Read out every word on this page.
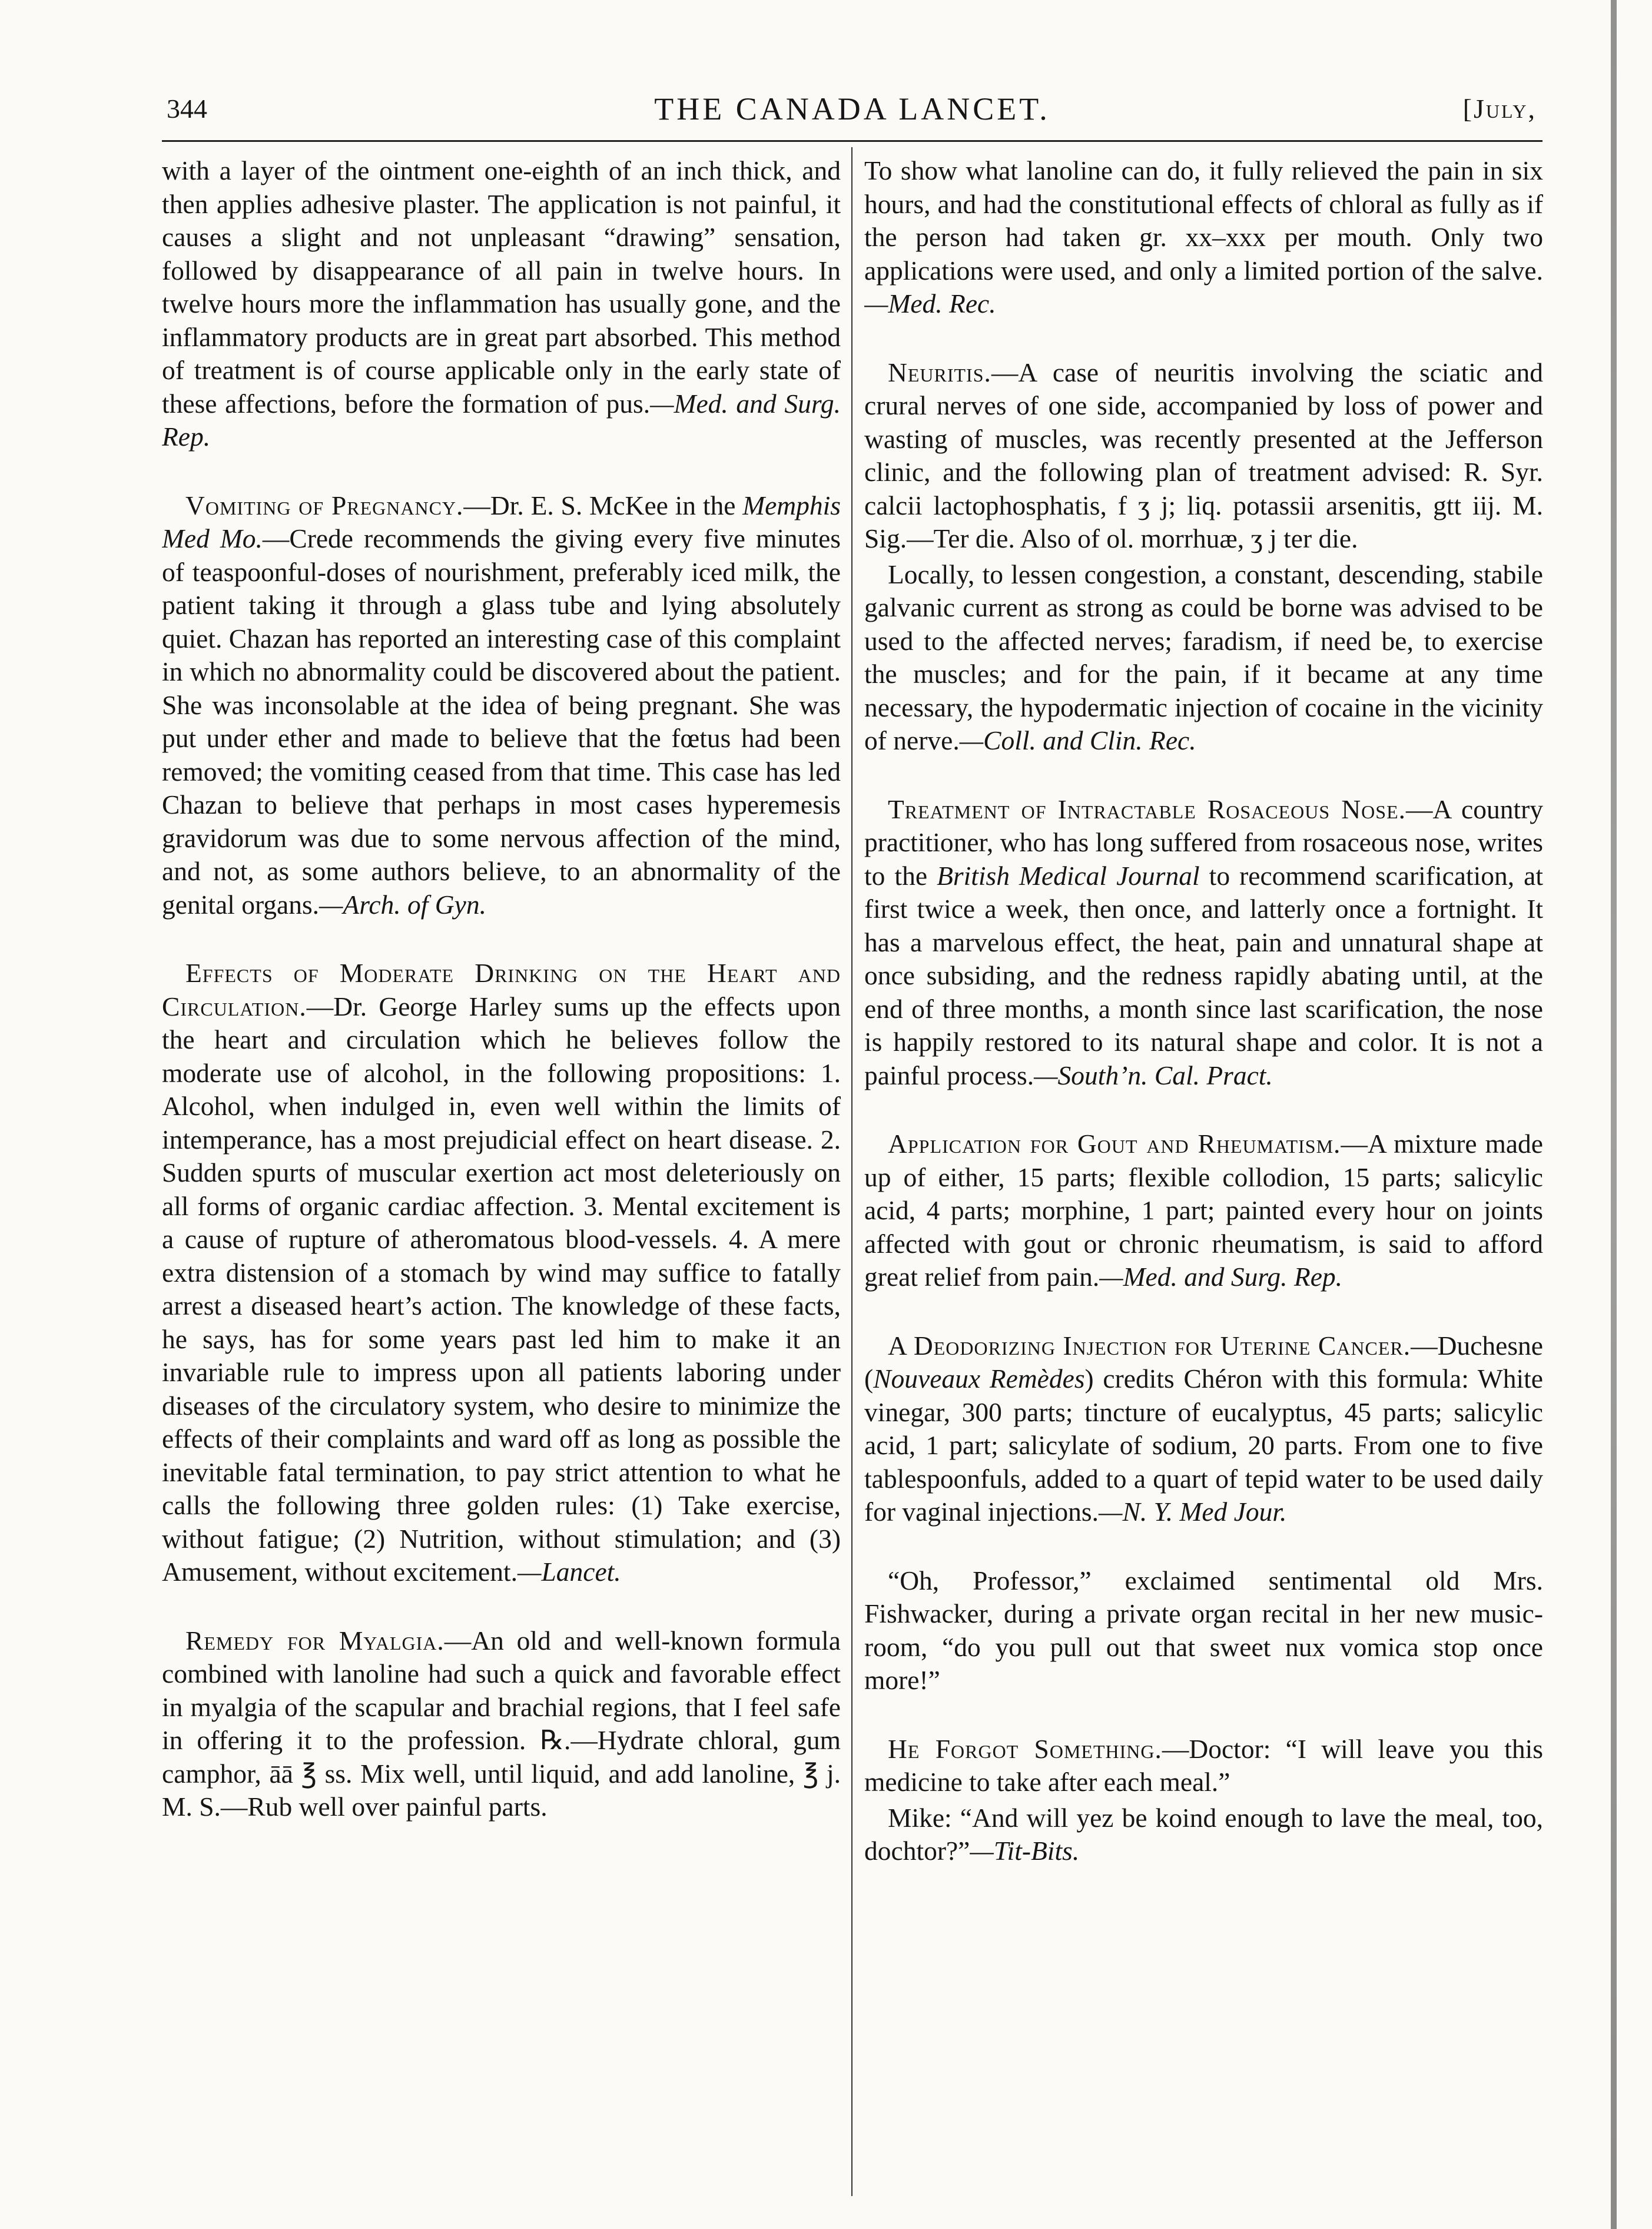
344	THE CANADA LANCET.	[July,

with a layer of the ointment one-eighth of an inch thick, and then applies adhesive plaster. The application is not painful, it causes a slight and not unpleasant “drawing” sensation, followed by disappearance of all pain in twelve hours. In twelve hours more the inflammation has usually gone, and the inflammatory products are in great part absorbed. This method of treatment is of course applicable only in the early state of these affections, before the formation of pus.—Med. and Surg. Rep.

Vomiting of Pregnancy.—Dr. E. S. McKee in the Memphis Med Mo.—Crede recommends the giving every five minutes of teaspoonful-doses of nourishment, preferably iced milk, the patient taking it through a glass tube and lying absolutely quiet. Chazan has reported an interesting case of this complaint in which no abnormality could be discovered about the patient. She was inconsolable at the idea of being pregnant. She was put under ether and made to believe that the fœtus had been removed; the vomiting ceased from that time. This case has led Chazan to believe that perhaps in most cases hyperemesis gravidorum was due to some nervous affection of the mind, and not, as some authors believe, to an abnormality of the genital organs.—Arch. of Gyn.

Effects of Moderate Drinking on the Heart and Circulation.—Dr. George Harley sums up the effects upon the heart and circulation which he believes follow the moderate use of alcohol, in the following propositions: 1. Alcohol, when indulged in, even well within the limits of intemperance, has a most prejudicial effect on heart disease. 2. Sudden spurts of muscular exertion act most deleteriously on all forms of organic cardiac affection. 3. Mental excitement is a cause of rupture of atheromatous blood-vessels. 4. A mere extra distension of a stomach by wind may suffice to fatally arrest a diseased heart’s action. The knowledge of these facts, he says, has for some years past led him to make it an invariable rule to impress upon all patients laboring under diseases of the circulatory system, who desire to minimize the effects of their complaints and ward off as long as possible the inevitable fatal termination, to pay strict attention to what he calls the following three golden rules: (1) Take exercise, without fatigue; (2) Nutrition, without stimulation; and (3) Amusement, without excitement.—Lancet.

Remedy for Myalgia.—An old and well-known formula combined with lanoline had such a quick and favorable effect in myalgia of the scapular and brachial regions, that I feel safe in offering it to the profession. ℞.—Hydrate chloral, gum camphor, āā ℥ ss. Mix well, until liquid, and add lanoline, ℥ j. M. S.—Rub well over painful parts.

To show what lanoline can do, it fully relieved the pain in six hours, and had the constitutional effects of chloral as fully as if the person had taken gr. xx–xxx per mouth. Only two applications were used, and only a limited portion of the salve.—Med. Rec.

Neuritis.—A case of neuritis involving the sciatic and crural nerves of one side, accompanied by loss of power and wasting of muscles, was recently presented at the Jefferson clinic, and the following plan of treatment advised: R. Syr. calcii lactophosphatis, f ʒ j; liq. potassii arsenitis, gtt iij. M. Sig.—Ter die. Also of ol. morrhuæ, ʒ j ter die.

Locally, to lessen congestion, a constant, descending, stabile galvanic current as strong as could be borne was advised to be used to the affected nerves; faradism, if need be, to exercise the muscles; and for the pain, if it became at any time necessary, the hypodermatic injection of cocaine in the vicinity of nerve.—Coll. and Clin. Rec.

Treatment of Intractable Rosaceous Nose.—A country practitioner, who has long suffered from rosaceous nose, writes to the British Medical Journal to recommend scarification, at first twice a week, then once, and latterly once a fortnight. It has a marvelous effect, the heat, pain and unnatural shape at once subsiding, and the redness rapidly abating until, at the end of three months, a month since last scarification, the nose is happily restored to its natural shape and color. It is not a painful process.—South’n. Cal. Pract.

Application for Gout and Rheumatism.—A mixture made up of either, 15 parts; flexible collodion, 15 parts; salicylic acid, 4 parts; morphine, 1 part; painted every hour on joints affected with gout or chronic rheumatism, is said to afford great relief from pain.—Med. and Surg. Rep.

A Deodorizing Injection for Uterine Cancer.—Duchesne (Nouveaux Remèdes) credits Chéron with this formula: White vinegar, 300 parts; tincture of eucalyptus, 45 parts; salicylic acid, 1 part; salicylate of sodium, 20 parts. From one to five tablespoonfuls, added to a quart of tepid water to be used daily for vaginal injections.—N. Y. Med Jour.

“Oh, Professor,” exclaimed sentimental old Mrs. Fishwacker, during a private organ recital in her new music-room, “do you pull out that sweet nux vomica stop once more!”

He Forgot Something.—Doctor: “I will leave you this medicine to take after each meal.”

Mike: “And will yez be koind enough to lave the meal, too, dochtor?”—Tit-Bits.
